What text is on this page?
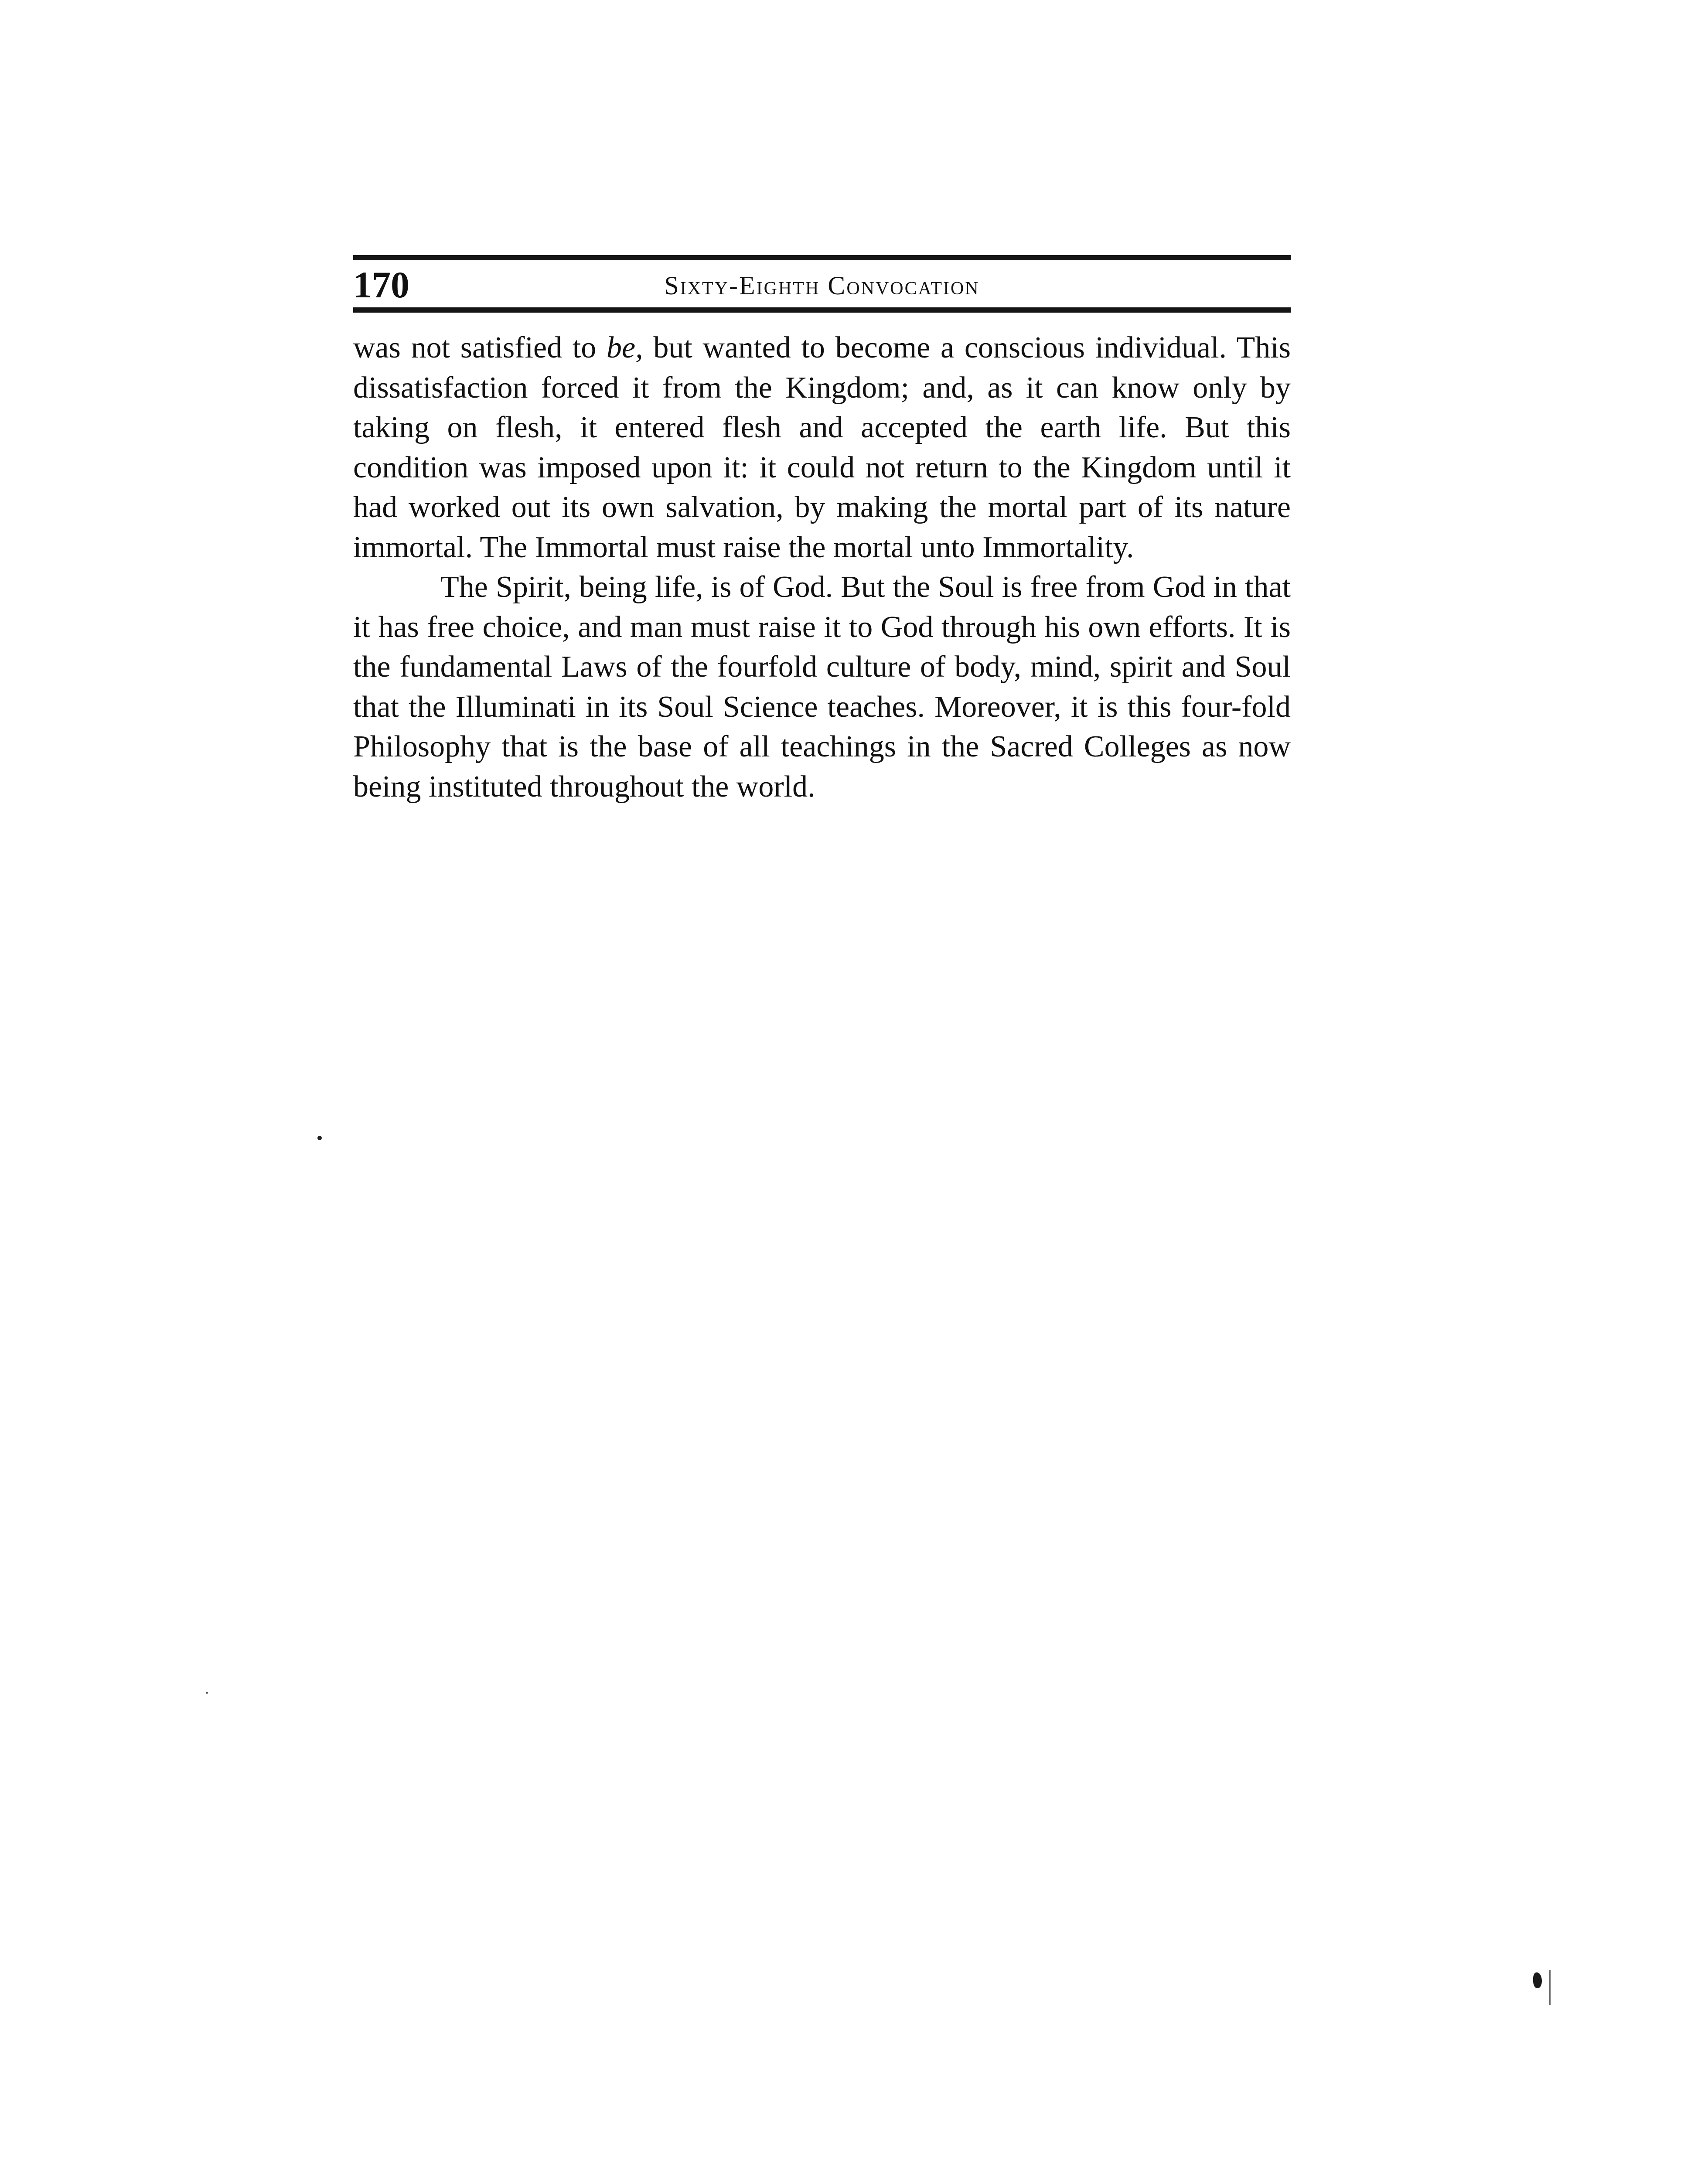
170	Sixty-Eighth Convocation

was not satisfied to be, but wanted to become a conscious individual. This dissatisfaction forced it from the Kingdom; and, as it can know only by taking on flesh, it entered flesh and accepted the earth life. But this condition was imposed upon it: it could not return to the Kingdom until it had worked out its own salvation, by making the mortal part of its nature immortal. The Immortal must raise the mortal unto Immortality.

The Spirit, being life, is of God. But the Soul is free from God in that it has free choice, and man must raise it to God through his own efforts. It is the fundamental Laws of the fourfold culture of body, mind, spirit and Soul that the Illuminati in its Soul Science teaches. Moreover, it is this four-fold Philosophy that is the base of all teachings in the Sacred Colleges as now being instituted throughout the world.
